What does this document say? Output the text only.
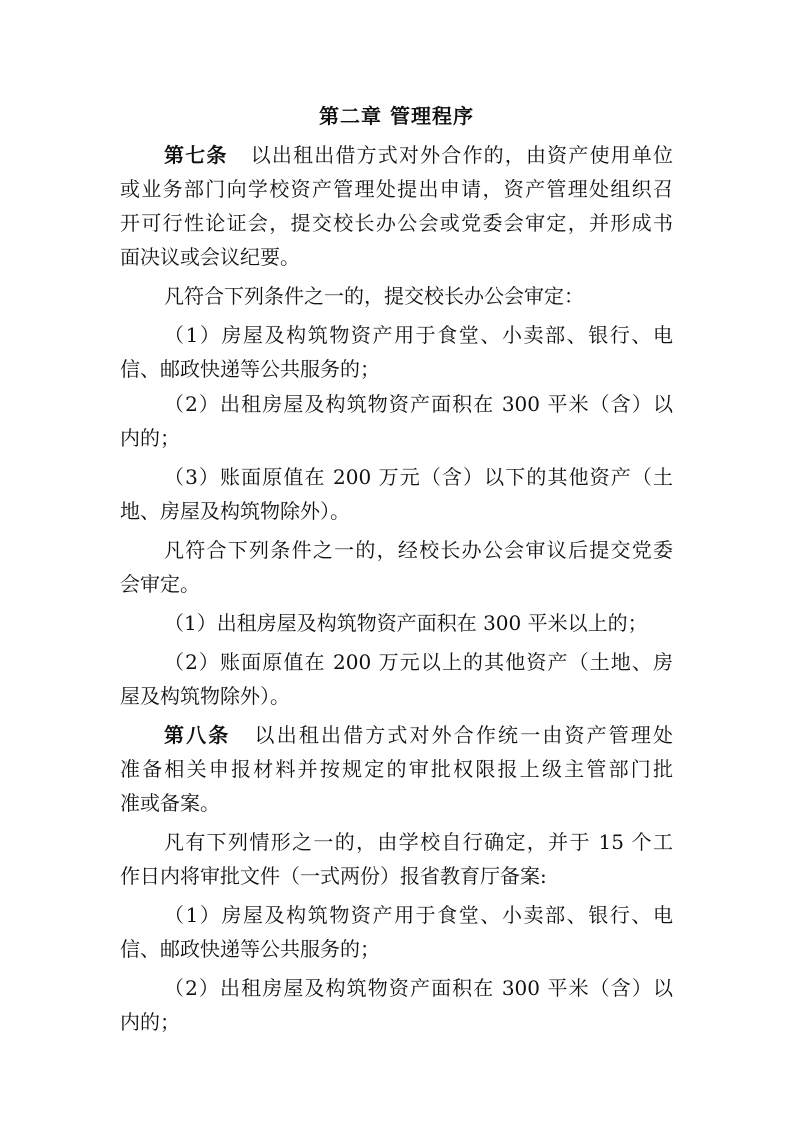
第二章 管理程序
第七条 以出租出借方式对外合作的，由资产使用单位
或业务部门向学校资产管理处提出申请，资产管理处组织召
开可行性论证会，提交校长办公会或党委会审定，并形成书
面决议或会议纪要。
凡符合下列条件之一的，提交校长办公会审定：
（1）房屋及构筑物资产用于食堂、小卖部、银行、电
信、邮政快递等公共服务的；
（2）出租房屋及构筑物资产面积在 300 平米（含）以
内的；
（3）账面原值在 200 万元（含）以下的其他资产（土
地、房屋及构筑物除外）。
凡符合下列条件之一的，经校长办公会审议后提交党委
会审定。
（1）出租房屋及构筑物资产面积在 300 平米以上的；
（2）账面原值在 200 万元以上的其他资产（土地、房
屋及构筑物除外）。
第八条 以出租出借方式对外合作统一由资产管理处
准备相关申报材料并按规定的审批权限报上级主管部门批
准或备案。
凡有下列情形之一的，由学校自行确定，并于 15 个工
作日内将审批文件（一式两份）报省教育厅备案:
（1）房屋及构筑物资产用于食堂、小卖部、银行、电
信、邮政快递等公共服务的；
（2）出租房屋及构筑物资产面积在 300 平米（含）以
内的；
